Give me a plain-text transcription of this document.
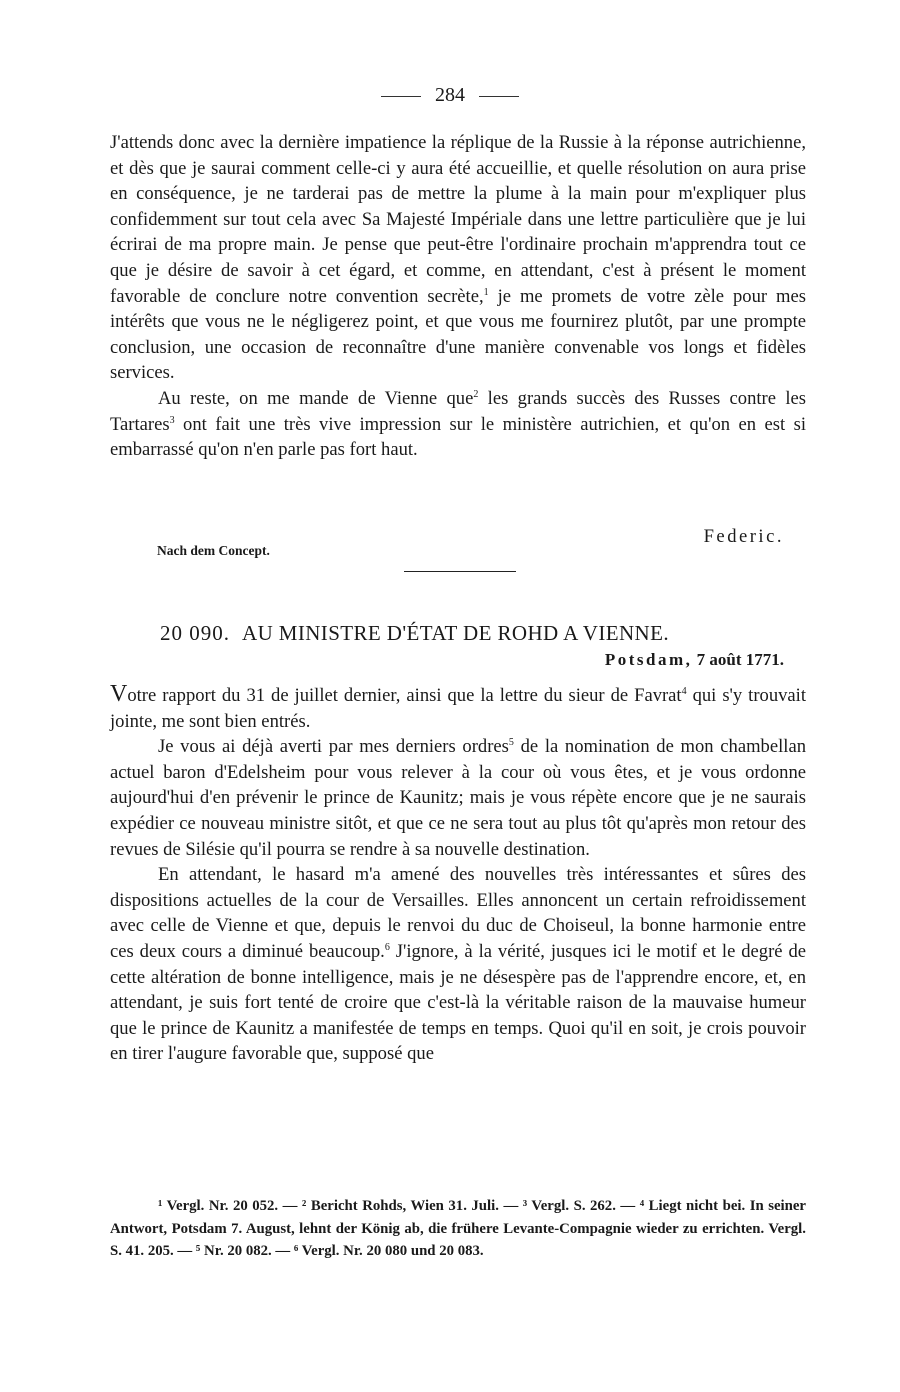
284

J'attends donc avec la dernière impatience la réplique de la Russie à la réponse autrichienne, et dès que je saurai comment celle-ci y aura été accueillie, et quelle résolution on aura prise en conséquence, je ne tarderai pas de mettre la plume à la main pour m'expliquer plus confidemment sur tout cela avec Sa Majesté Impériale dans une lettre particulière que je lui écrirai de ma propre main. Je pense que peut-être l'ordinaire prochain m'apprendra tout ce que je désire de savoir à cet égard, et comme, en attendant, c'est à présent le moment favorable de conclure notre convention secrète,$^1$ je me promets de votre zèle pour mes intérêts que vous ne le négligerez point, et que vous me fournirez plutôt, par une prompte conclusion, une occasion de reconnaître d'une manière convenable vos longs et fidèles services.

Au reste, on me mande de Vienne que$^2$ les grands succès des Russes contre les Tartares$^3$ ont fait une très vive impression sur le ministère autrichien, et qu'on en est si embarrassé qu'on n'en parle pas fort haut.

Federic.
Nach dem Concept.
20 090. AU MINISTRE D'ÉTAT DE ROHD A VIENNE.
Potsdam, 7 août 1771.

Votre rapport du 31 de juillet dernier, ainsi que la lettre du sieur de Favrat$^4$ qui s'y trouvait jointe, me sont bien entrés.

Je vous ai déjà averti par mes derniers ordres$^5$ de la nomination de mon chambellan actuel baron d'Edelsheim pour vous relever à la cour où vous êtes, et je vous ordonne aujourd'hui d'en prévenir le prince de Kaunitz; mais je vous répète encore que je ne saurais expédier ce nouveau ministre sitôt, et que ce ne sera tout au plus tôt qu'après mon retour des revues de Silésie qu'il pourra se rendre à sa nouvelle destination.

En attendant, le hasard m'a amené des nouvelles très intéressantes et sûres des dispositions actuelles de la cour de Versailles. Elles annoncent un certain refroidissement avec celle de Vienne et que, depuis le renvoi du duc de Choiseul, la bonne harmonie entre ces deux cours a diminué beaucoup.$^6$ J'ignore, à la vérité, jusques ici le motif et le degré de cette altération de bonne intelligence, mais je ne désespère pas de l'apprendre encore, et, en attendant, je suis fort tenté de croire que c'est-là la véritable raison de la mauvaise humeur que le prince de Kaunitz a manifestée de temps en temps. Quoi qu'il en soit, je crois pouvoir en tirer l'augure favorable que, supposé que

¹ Vergl. Nr. 20 052. — ² Bericht Rohds, Wien 31. Juli. — ³ Vergl. S. 262. — ⁴ Liegt nicht bei. In seiner Antwort, Potsdam 7. August, lehnt der König ab, die frühere Levante-Compagnie wieder zu errichten. Vergl. S. 41. 205. — ⁵ Nr. 20 082. — ⁶ Vergl. Nr. 20 080 und 20 083.
